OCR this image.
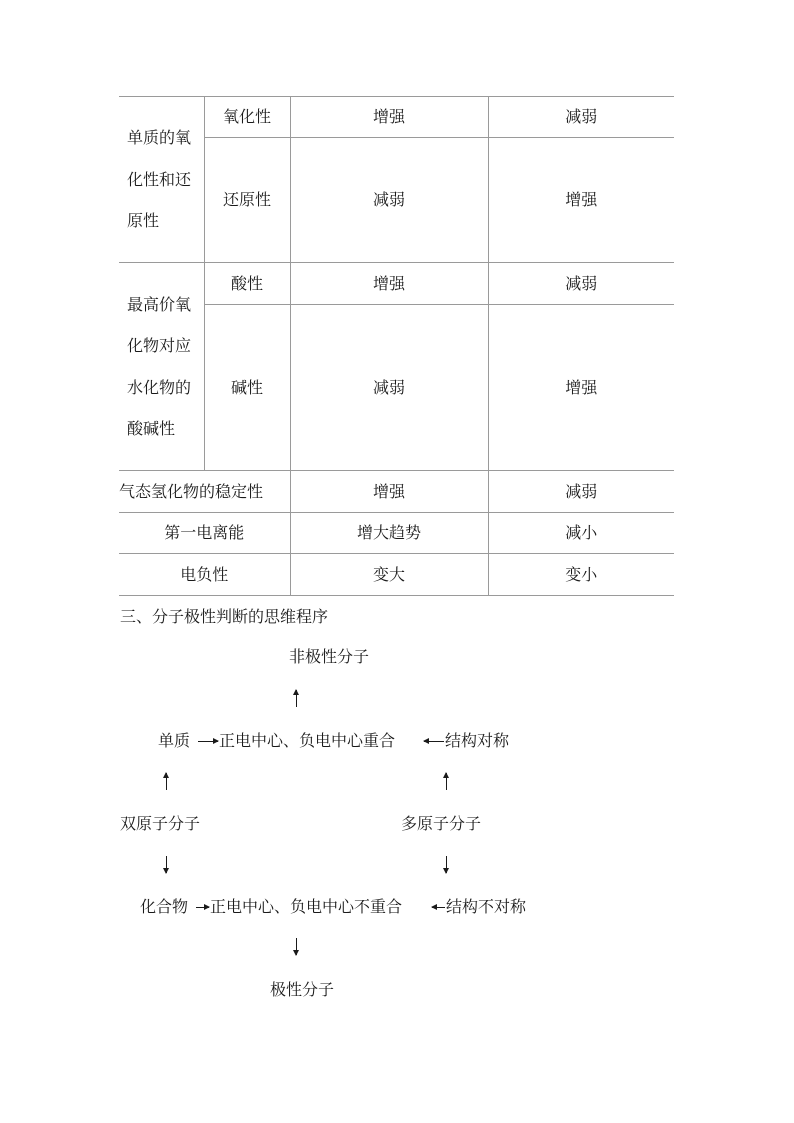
单质的氧化性和还原性	氧化性	增强	减弱
	还原性	减弱	增强
最高价氧化物对应水化物的酸碱性	酸性	增强	减弱
	碱性	减弱	增强
气态氢化物的稳定性		增强	减弱
第一电离能		增大趋势	减小
电负性		变大	变小
三、分子极性判断的思维程序
非极性分子
单质 正电中心、负电中心重合	结构对称
双原子分子	多原子分子
化合物 正电中心、负电中心不重合	结构不对称
极性分子
